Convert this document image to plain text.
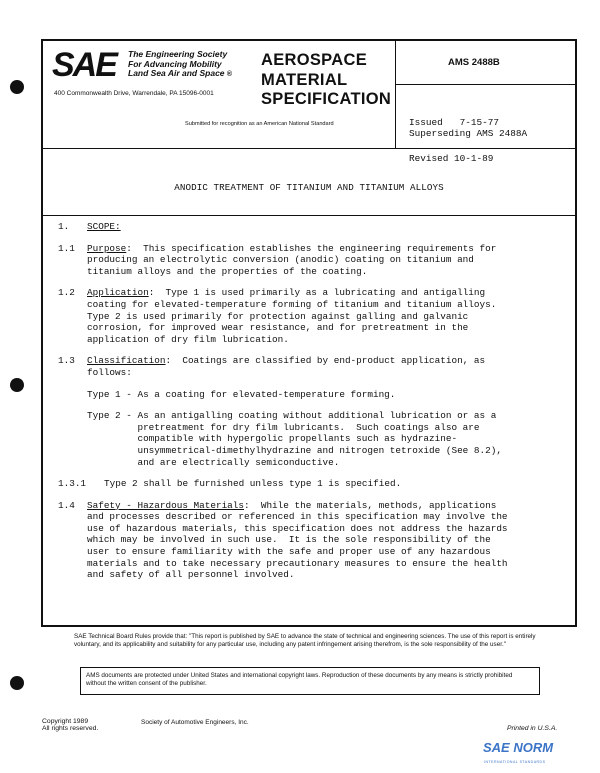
SAE The Engineering Society
For Advancing Mobility
Land Sea Air and Space ®
400 Commonwealth Drive, Warrendale, PA 15096-0001
AEROSPACE
MATERIAL
SPECIFICATION
Submitted for recognition as an American National Standard
AMS 2488B

Issued   7-15-77

Revised 10-1-89

Superseding AMS 2488A
ANODIC TREATMENT OF TITANIUM AND TITANIUM ALLOYS
1. SCOPE:
1.1 Purpose:  This specification establishes the engineering requirements for
producing an electrolytic conversion (anodic) coating on titanium and
titanium alloys and the properties of the coating.
1.2 Application:  Type 1 is used primarily as a lubricating and antigalling
coating for elevated-temperature forming of titanium and titanium alloys.
Type 2 is used primarily for protection against galling and galvanic
corrosion, for improved wear resistance, and for pretreatment in the
application of dry film lubrication.
1.3 Classification:  Coatings are classified by end-product application, as
follows:
Type 1 - As a coating for elevated-temperature forming.
Type 2 - As an antigalling coating without additional lubrication or as a
pretreatment for dry film lubricants.  Such coatings also are
compatible with hypergolic propellants such as hydrazine-
unsymmetrical-dimethylhydrazine and nitrogen tetroxide (See 8.2),
and are electrically semiconductive.
1.3.1 Type 2 shall be furnished unless type 1 is specified.
1.4 Safety - Hazardous Materials:  While the materials, methods, applications
and processes described or referenced in this specification may involve the
use of hazardous materials, this specification does not address the hazards
which may be involved in such use.  It is the sole responsibility of the
user to ensure familiarity with the safe and proper use of any hazardous
materials and to take necessary precautionary measures to ensure the health
and safety of all personnel involved.
SAE Technical Board Rules provide that: "This report is published by SAE to advance the state of technical and engineering sciences. The use of this report is entirely voluntary, and its applicability and suitability for any particular use, including any patent infringement arising therefrom, is the sole responsibility of the user."
AMS documents are protected under United States and international copyright laws. Reproduction of these documents by any means is strictly prohibited without the written consent of the publisher.
Copyright 1989
All rights reserved.
Society of Automotive Engineers, Inc.
Printed in U.S.A.
SAE NORM
INTERNATIONAL STANDARDS
